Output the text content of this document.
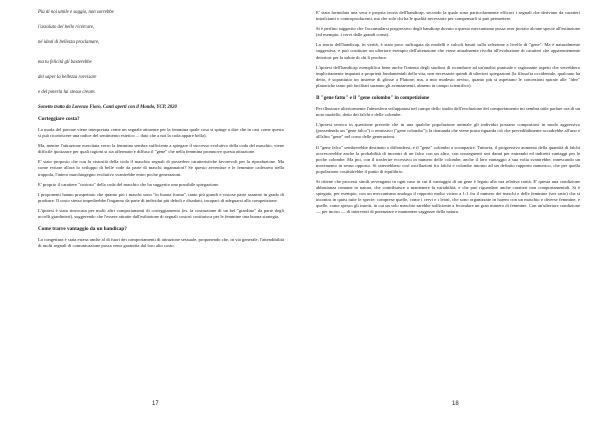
Più di noi umile e saggio, non sorrebbe

l'assoluto del bello ricercare,

né ideal di bellezza proclamare,

ma tu felicità gli basterebbe

del saper la bellezza ravvisare

e del poterla lui stesso creare.

Sonetto tratto da Lorenzo Fioro, Canti aperti con il Mondo, YCP, 2020

Corteggiare costa?

La moda del pavone viene interpretata come un segnale attraente per la femmina quale cosa si spinge a dire che in casi come questo si può riconoscere una radice del sentimento estetico ... dato che a noi la coda appare bella).

Ma, mentre l'attrazione esercitata verso la femmina sembra sufficiente a spiegare il successo evolutivo della coda del maschio, viene difficile ipotizzare per quali ragioni si sia affermato e diffuso il "gene" che nella femmina promuove questa attrazione.

E' stato proposto che con la vistosità della coda il maschio segnali di possedere caratteristiche favorevoli per la riproduzione. Ma come evitare allora lo sviluppo di belle code da parte di maschi ingannatori? Se questo avvenisse e le femmine cadessero nella trappola, l'intero marchingegno evolutivo svanirebbe entro poche generazioni.

E' proprio il carattere "costoso" della coda del maschio che ha suggerito una possibile spiegazione.

I proponenti hanno prospettato che quanto più i maschi sono "in buona forma", tanto più grandi e vistose parte saranno in grado di produrre. Il costo stesso impedirebbe l'inganno da parte di individui più deboli e disadatti, incapaci di adeguarsi alla competizione.

L'ipotesi è stata rinvocata per molti altri comportamenti di corteggiamento (es. la costruzione di un bel "giardino" da parte degli uccelli giardinieri), suggerendo che l'essere attratte dall'esibizione di segnali costosi costituisca per le femmine una buona strategia.

Come trarre vantaggio da un handicap?

La congettura è stata estesa anche al di fuori dei comportamenti di attrazione sessuale, proponendo che, in via generale, l'attendibilità di molti segnali di comunicazione possa venir garantita dal loro alto costo.

17

E' stata formulata una vera e propria teoria dell'handicap, secondo la quale sono particolarmente efficaci i segnali che derivano da caratteri intralcianti o controproducenti, ma che solo chi ha le qualità necessarie per compensarli si può permettere.

Si è perfino suggerito che l'accumularsi progressivo degli handicap dovuto a questo meccanismo possa aver portato alcune specie all'estinzione (ad esempio, i cervi dalle grandi corna).

La teoria dell'handicap, in verità, è stata poco suffragata da modelli e calcoli basati sulla selezione a livello di "gene". Ma è naturalmente suggestiva, e può costituire un ulteriore esempio dell'attenzione che viene attualmente rivolta all'evoluzione di caratteri che apparentemente deteriori per la salute di chi li produce.

L'ipotesi dell'handicap esemplifica bene anche l'intento degli studiosi di ricondurre ad un'analisi puntuale e ragionante aspetti che verrebbero implicitamente imputati a proprietà fondamentali della vita, non necessarie quindi di ulteriori spiegazioni (la filosofia occidentale, qualcuno ha detto, è soprattutto un insieme di glosse a Platone; ma, a mio modesto avviso, quanto più si aspettano le concezioni spirate alle "idee" platoniche tanto più facilitati saranno gli avanzamenti, almeno in campo scientifico).

Il "gene fatto" e il "gene colombo" in competizione

Per illustrare ulteriormente l'atmosfera sviluppatasi nel campo dello studio dell'evoluzione del comportamento mi sembra utile parlare ora di un noto modello, detto dei falchi e delle colombe.

L'ipotesi teorica in questione prevede che in una qualche popolazione animale gli individui possano comportarsi in modo aggressivo (possedendo un "gene falco") o remissivo ("gene colombo"); la domanda che viene posta riguarda ciò che prevedibilmente accadrebbe all'uno e all'altro "gene" nel corso delle generazioni.

Il "gene falco" sembrerebbe destinato a diffondersi, e il "gene" colombo a scomparire. Tuttavia, il progressivo aumento della quantità di falchi accrescerebbe anche la probabilità di incontri di un falco con un altro, con conseguenti seri danni per entrambi ed indiretti vantaggi per le poche colombe. Ma poi, con il trasferire eccessivo in numero delle colombe, anche il loro vantaggio a sua volta svanirebbe, innescando un movimento in senso opposto. Si otterrebbero così oscillazioni fra falchi e colombe intorno ad un definito rapporto numerico, che per quella popolazione costituirebbe il punto di equilibrio.

Si ritiene che processi simili avvengano in ogni caso in cui il vantaggio di un gene è legato alla sua relativa rarità. E' questa una condizione abbastanza comune in natura, che contribuisce a mantenere la variabilità, e che può riguardare anche caratteri non comportamentali. Si è spiegato, per esempio, con un meccanismo analogo il rapporto molto vicino a 1:1 fra il numero dei maschi e delle femmine (sex ratio) che si incontra in quasi tutte le specie; comprese quelle, come i cervi e i leoni, che sono organizzate in harem con un maschio e diverse femmine, e quelle, come spesso gli insetti, in cui un solo maschio sarebbe sufficiente a fecondare un gran numero di femmine. Con un'ulteriore condizione — per inciso — di interventi di potenziare e mantenere saggezze della natura.

18
